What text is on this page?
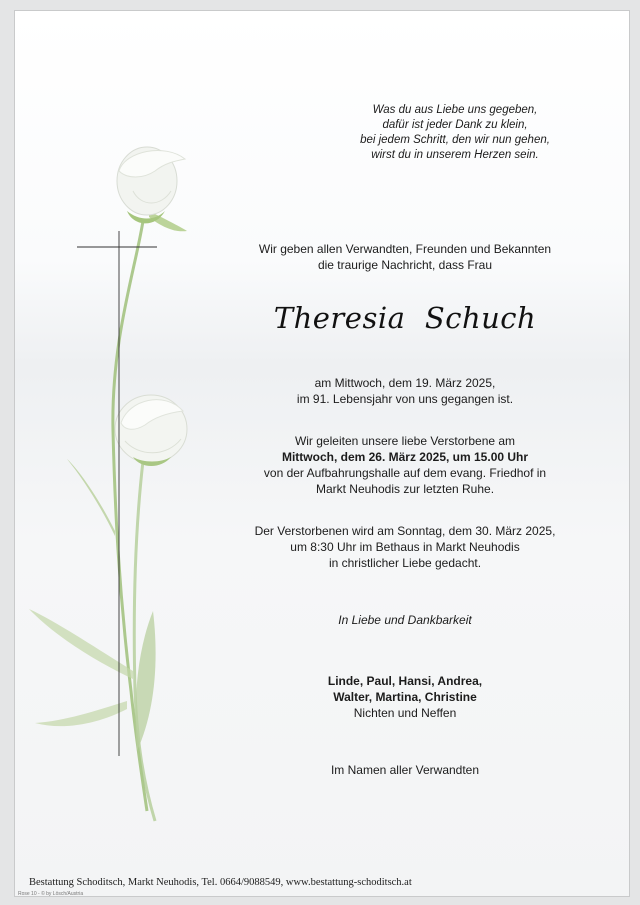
Was du aus Liebe uns gegeben,
dafür ist jeder Dank zu klein,
bei jedem Schritt, den wir nun gehen,
wirst du in unserem Herzen sein.
Wir geben allen Verwandten, Freunden und Bekannten
die traurige Nachricht, dass Frau
Theresia  Schuch
am Mittwoch, dem 19. März 2025,
im 91. Lebensjahr von uns gegangen ist.
Wir geleiten unsere liebe Verstorbene am
Mittwoch, dem 26. März 2025, um 15.00 Uhr
von der Aufbahrungshalle auf dem evang. Friedhof in
Markt Neuhodis zur letzten Ruhe.
Der Verstorbenen wird am Sonntag, dem 30. März 2025,
um 8:30 Uhr im Bethaus in Markt Neuhodis
in christlicher Liebe gedacht.
In Liebe und Dankbarkeit
Linde, Paul, Hansi, Andrea,
Walter, Martina, Christine
Nichten und Neffen
Im Namen aller Verwandten
Bestattung Schoditsch, Markt Neuhodis, Tel. 0664/9088549, www.bestattung-schoditsch.at
Rose 10 - © by Lösch/Austria
